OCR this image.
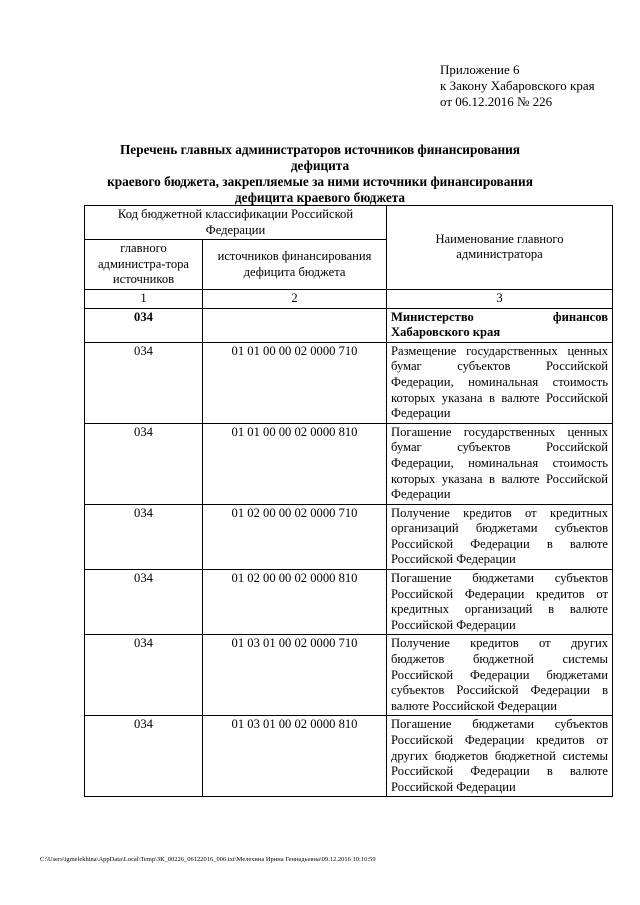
Приложение 6
к Закону Хабаровского края
от 06.12.2016 № 226
Перечень главных администраторов источников финансирования дефицита
краевого бюджета, закрепляемые за ними источники финансирования
дефицита краевого бюджета
Код бюджетной классификации Российской Федерации		Наименование главного администратора
главного администра-тора источников	источников финансирования дефицита бюджета	
1	2	3
034		Министерство финансов Хабаровского края
034	01 01 00 00 02 0000 710	Размещение государственных ценных бумаг субъектов Российской Федерации, номинальная стоимость которых указана в валюте Российской Федерации
034	01 01 00 00 02 0000 810	Погашение государственных ценных бумаг субъектов Российской Федерации, номинальная стоимость которых указана в валюте Российской Федерации
034	01 02 00 00 02 0000 710	Получение кредитов от кредитных организаций бюджетами субъектов Российской Федерации в валюте Российской Федерации
034	01 02 00 00 02 0000 810	Погашение бюджетами субъектов Российской Федерации кредитов от кредитных организаций в валюте Российской Федерации
034	01 03 01 00 02 0000 710	Получение кредитов от других бюджетов бюджетной системы Российской Федерации бюджетами субъектов Российской Федерации в валюте Российской Федерации
034	01 03 01 00 02 0000 810	Погашение бюджетами субъектов Российской Федерации кредитов от других бюджетов бюджетной системы Российской Федерации в валюте Российской Федерации
C:\Users\igmelekhina\AppData\Local\Temp\ЗК_00226_06122016_006.txt\Мелехина Ирина Геннадьевна\09.12.2016 10:10:59
